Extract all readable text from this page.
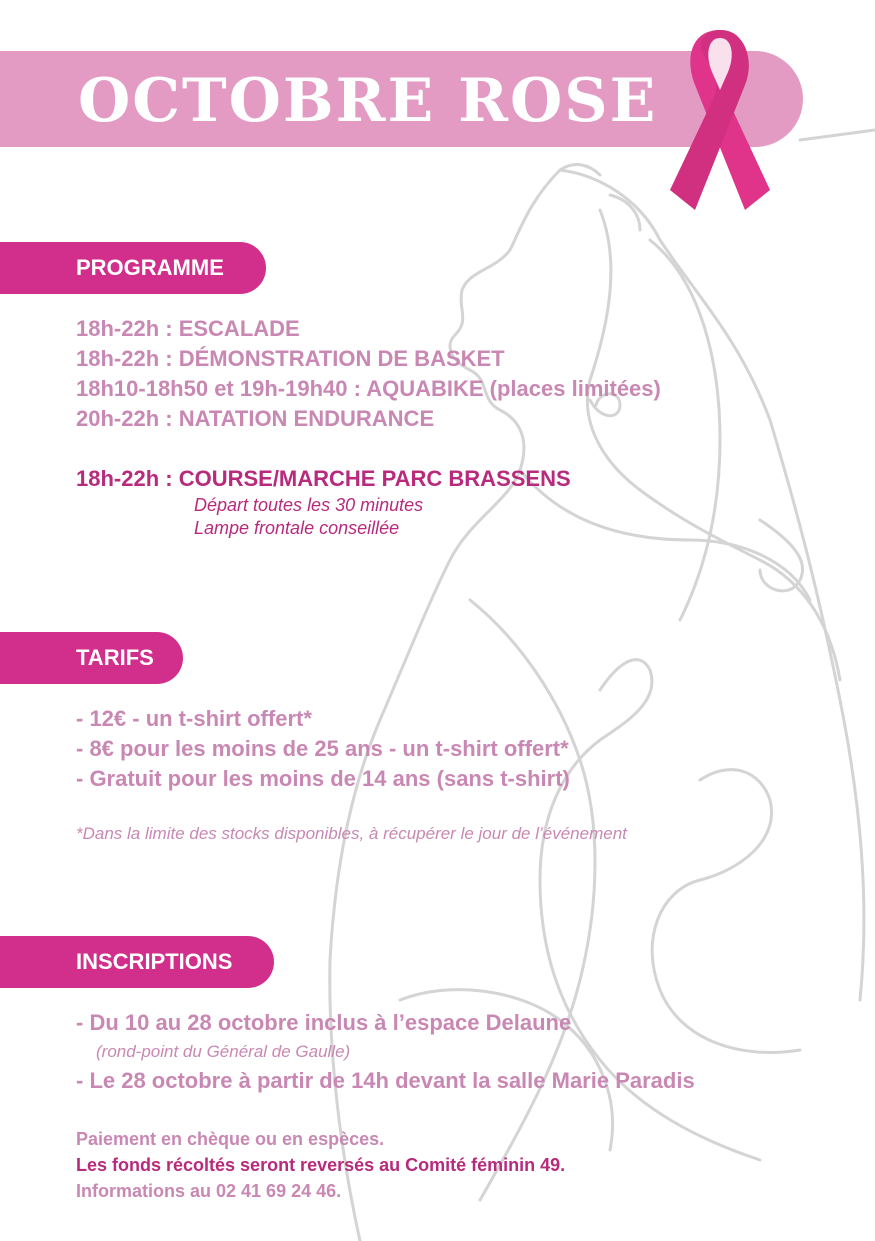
OCTOBRE ROSE
PROGRAMME
18h-22h : ESCALADE
18h-22h : DÉMONSTRATION DE BASKET
18h10-18h50 et 19h-19h40 : AQUABIKE (places limitées)
20h-22h : NATATION ENDURANCE
18h-22h : COURSE/MARCHE PARC BRASSENS
Départ toutes les 30 minutes
Lampe frontale conseillée
TARIFS
- 12€ - un t-shirt offert*
- 8€ pour les moins de 25 ans - un t-shirt offert*
- Gratuit pour les moins de 14 ans (sans t-shirt)
*Dans la limite des stocks disponibles, à récupérer le jour de l’événement
INSCRIPTIONS
- Du 10 au 28 octobre inclus à l’espace Delaune
(rond-point du Général de Gaulle)
- Le 28 octobre à partir de 14h devant la salle Marie Paradis
Paiement en chèque ou en espèces.
Les fonds récoltés seront reversés au Comité féminin 49.
Informations au 02 41 69 24 46.
